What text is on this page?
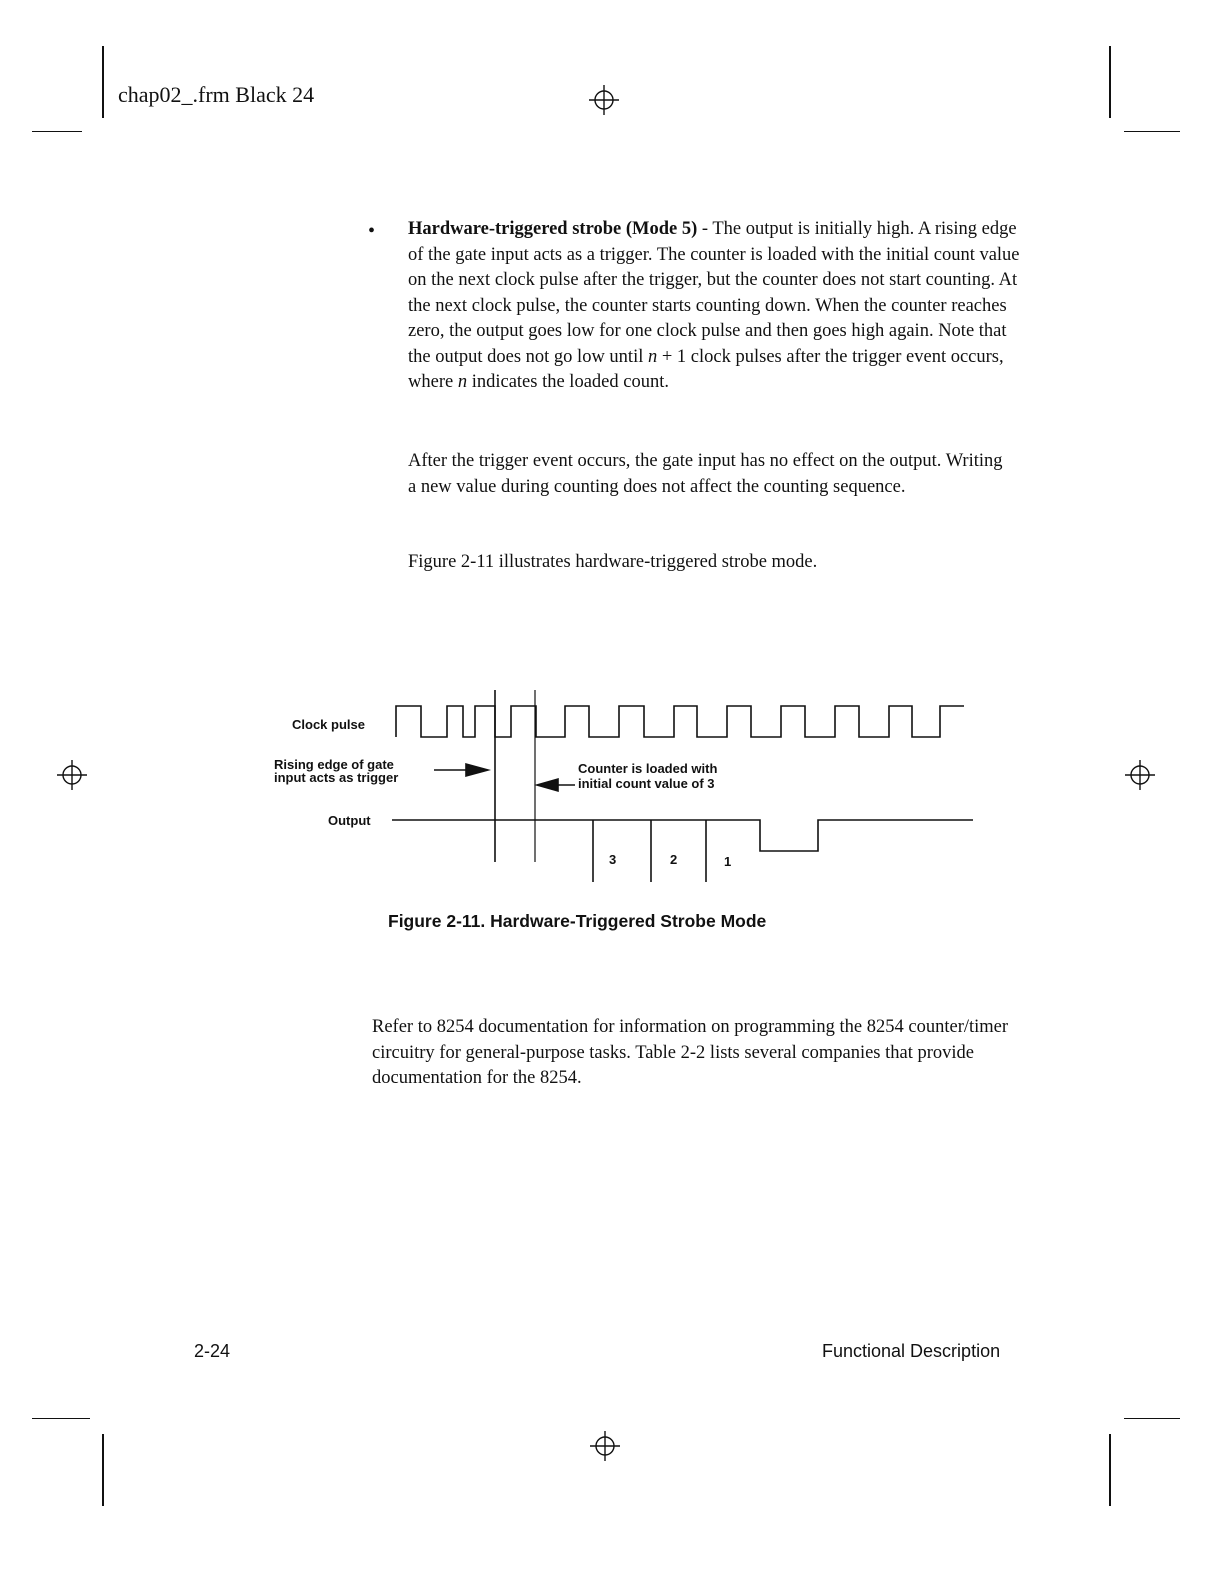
chap02_.frm Black 24
• Hardware-triggered strobe (Mode 5) - The output is initially high. A rising edge of the gate input acts as a trigger. The counter is loaded with the initial count value on the next clock pulse after the trigger, but the counter does not start counting. At the next clock pulse, the counter starts counting down. When the counter reaches zero, the output goes low for one clock pulse and then goes high again. Note that the output does not go low until n + 1 clock pulses after the trigger event occurs, where n indicates the loaded count.

After the trigger event occurs, the gate input has no effect on the output. Writing a new value during counting does not affect the counting sequence.
Figure 2-11 illustrates hardware-triggered strobe mode.
Clock pulse
Rising edge of gate
input acts as trigger
Output
Counter is loaded with
initial count value of 3
3	2	1
Figure 2-11. Hardware-Triggered Strobe Mode
Refer to 8254 documentation for information on programming the 8254 counter/timer circuitry for general-purpose tasks. Table 2-2 lists several companies that provide documentation for the 8254.
2-24	Functional Description
